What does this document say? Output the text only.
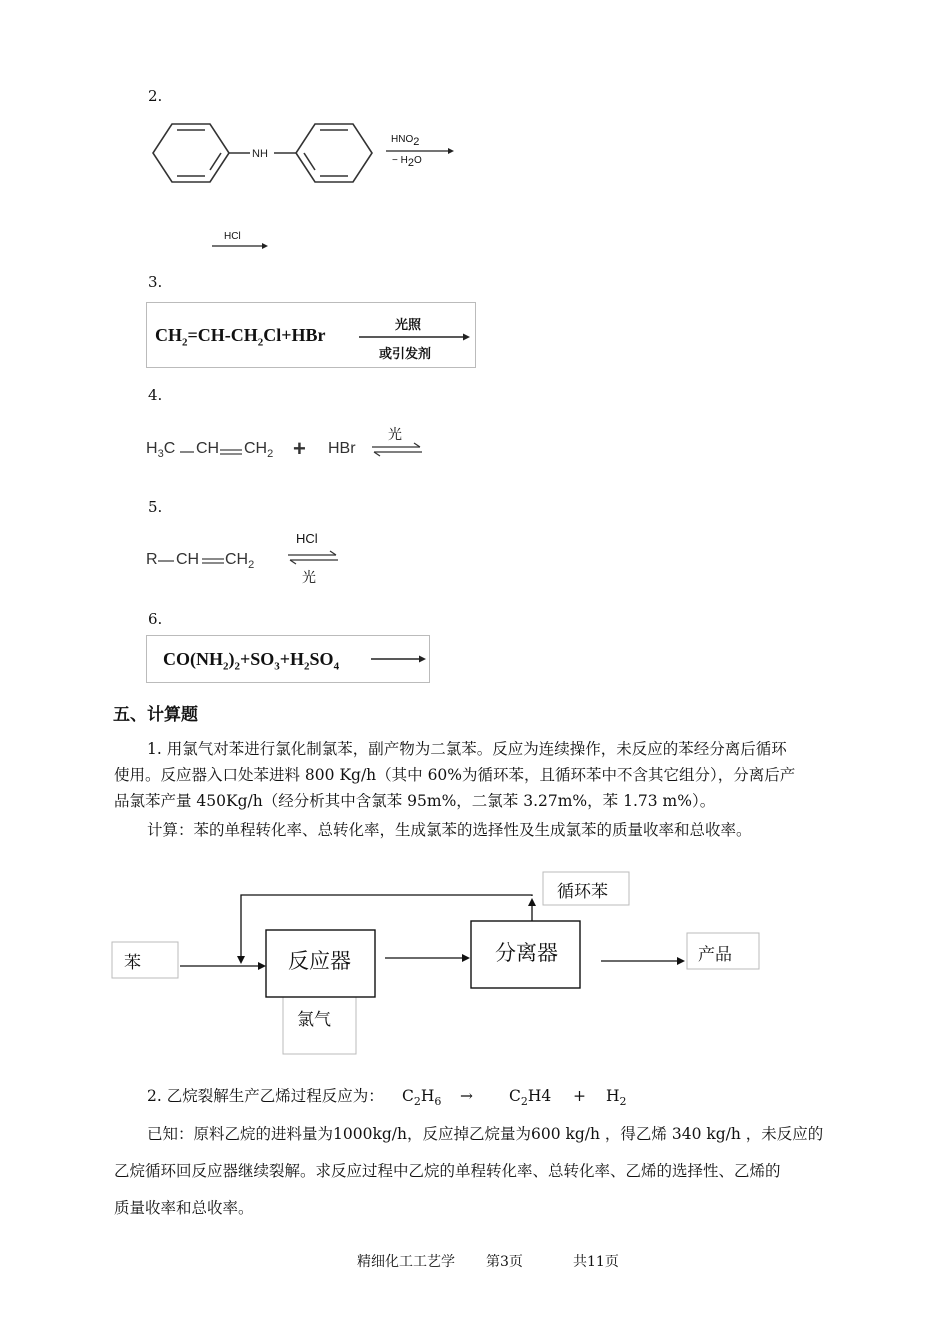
2.
NH
$HNO_2$
− $H_2O$
HCl
3.
$CH_2=CH-CH_2Cl+HBr$	光照
或引发剂
4.
$H_3C$ CH $CH_2$ + HBr
光
5.
R CH $CH_2$
HCl
光
6.
$CO(NH_2)_2+SO_3+H_2SO_4$
五、计算题
1. 用氯气对苯进行氯化制氯苯，副产物为二氯苯。反应为连续操作，未反应的苯经分离后循环
使用。反应器入口处苯进料 800 Kg/h（其中 60%为循环苯，且循环苯中不含其它组分），分离后产
品氯苯产量 450Kg/h（经分析其中含氯苯 95m%，二氯苯 3.27m%，苯 1.73 m%）。
计算：苯的单程转化率、总转化率，生成氯苯的选择性及生成氯苯的质量收率和总收率。
苯	反应器
氯气
分离器	产品
循环苯
2. 乙烷裂解生产乙烯过程反应为： $C_2H_6 \to C_2H4 + H_2$
已知：原料乙烷的进料量为1000kg/h，反应掉乙烷量为600 kg/h ，得乙烯 340 kg/h ，未反应的
乙烷循环回反应器继续裂解。求反应过程中乙烷的单程转化率、总转化率、乙烯的选择性、乙烯的
质量收率和总收率。
精细化工工艺学 第3页	共11页
